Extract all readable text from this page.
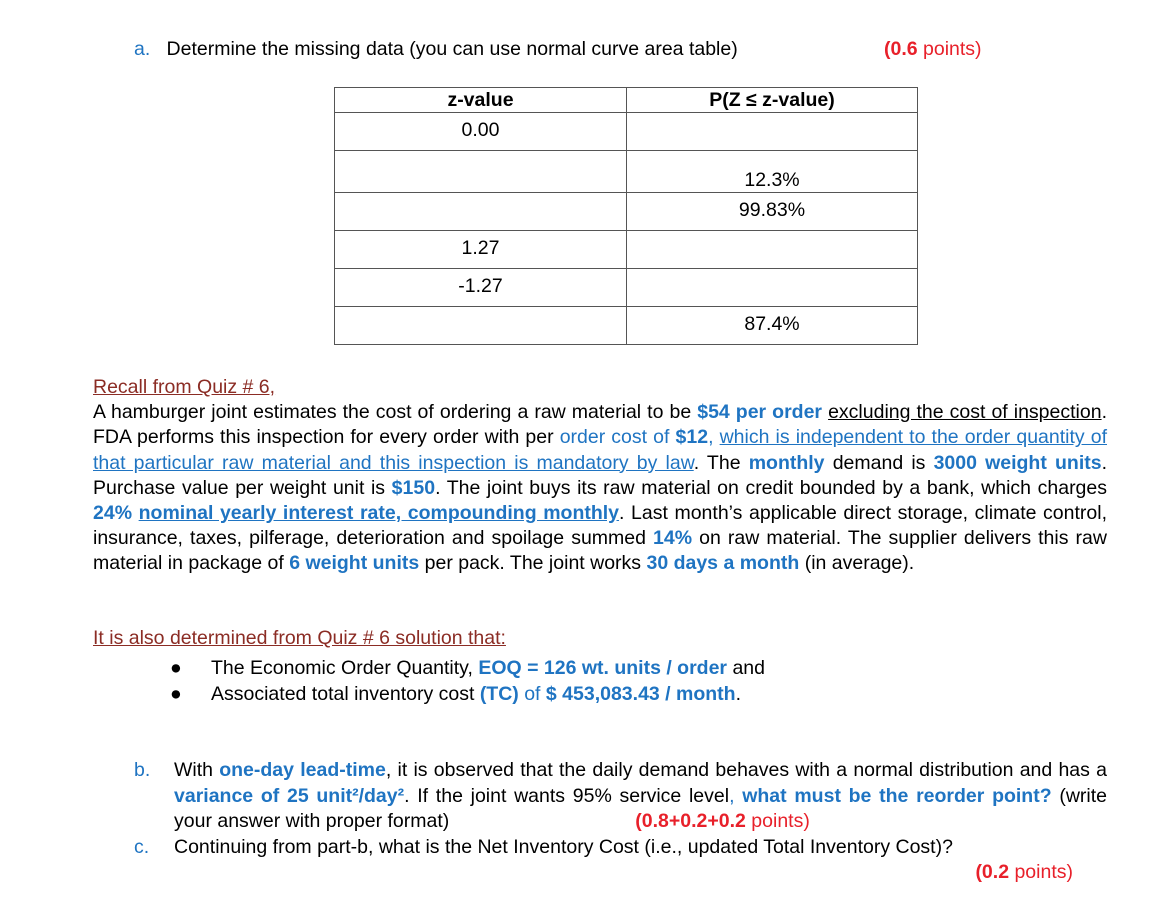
a. Determine the missing data (you can use normal curve area table)	(0.6 points)
z-value	P(Z ≤ z-value)

0.00	

	12.3%

	99.83%

1.27	

-1.27	

	87.4%
Recall from Quiz # 6,
A hamburger joint estimates the cost of ordering a raw material to be $54 per order excluding the cost of inspection. FDA performs this inspection for every order with per order cost of $12, which is independent to the order quantity of that particular raw material and this inspection is mandatory by law. The monthly demand is 3000 weight units. Purchase value per weight unit is $150. The joint buys its raw material on credit bounded by a bank, which charges 24% nominal yearly interest rate, compounding monthly. Last month’s applicable direct storage, climate control, insurance, taxes, pilferage, deterioration and spoilage summed 14% on raw material. The supplier delivers this raw material in package of 6 weight units per pack. The joint works 30 days a month (in average).
It is also determined from Quiz # 6 solution that:
●	The Economic Order Quantity, EOQ = 126 wt. units / order and
●	Associated total inventory cost (TC) of $ 453,083.43 / month.
b.	With one-day lead-time, it is observed that the daily demand behaves with a normal distribution and has a variance of 25 unit²/day². If the joint wants 95% service level, what must be the reorder point? (write your answer with proper format)	(0.8+0.2+0.2 points)
c.	Continuing from part-b, what is the Net Inventory Cost (i.e., updated Total Inventory Cost)?
(0.2 points)
